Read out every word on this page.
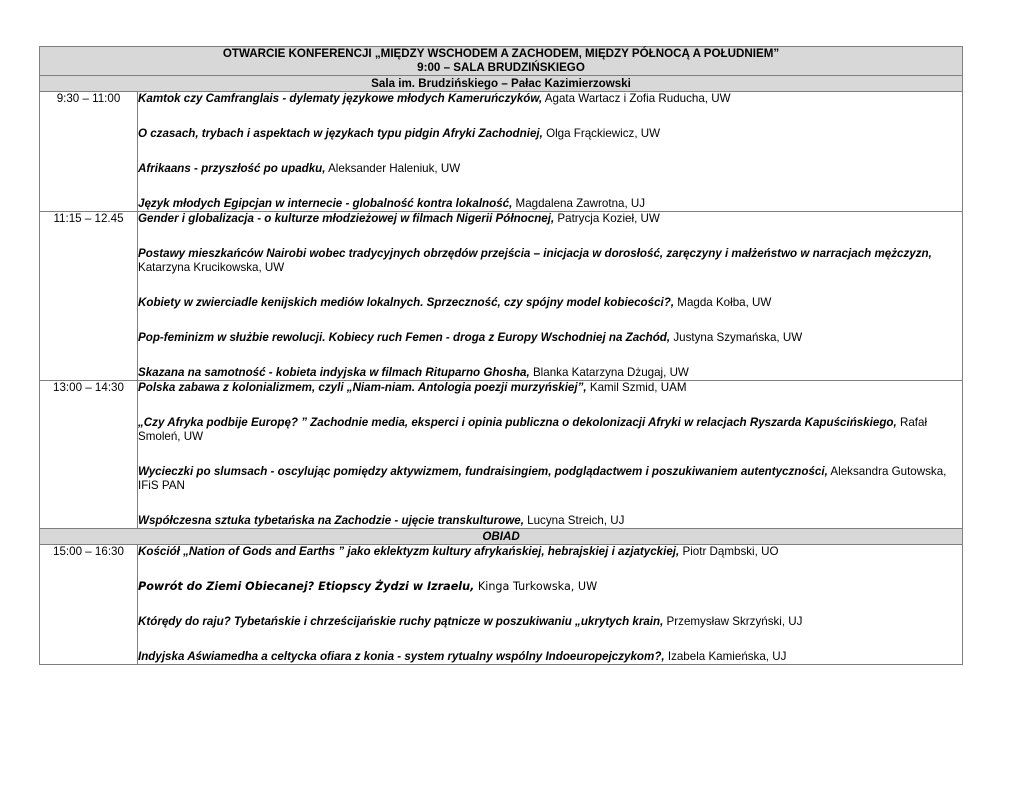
OTWARCIE KONFERENCJI „MIĘDZY WSCHODEM A ZACHODEM, MIĘDZY PÓŁNOCĄ A POŁUDNIEM”
9:00 – SALA BRUDZIŃSKIEGO	

Sala im. Brudzińskiego – Pałac Kazimierzowski	
9:30 – 11:00	Kamtok czy Camfranglais ‑ dylematy językowe młodych Kameruńczyków, Agata Wartacz i Zofia Ruducha, UW

O czasach, trybach i aspektach w językach typu pidgin Afryki Zachodniej, Olga Frąckiewicz, UW

Afrikaans ‑ przyszłość po upadku, Aleksander Haleniuk, UW

Język młodych Egipcjan w internecie ‑ globalność kontra lokalność, Magdalena Zawrotna, UJ

11:15 – 12.45	Gender i globalizacja ‑ o kulturze młodzieżowej w filmach Nigerii Północnej, Patrycja Kozieł, UW

Postawy mieszkańców Nairobi wobec tradycyjnych obrzędów przejścia – inicjacja w dorosłość, zaręczyny i małżeństwo w narracjach mężczyzn, Katarzyna Krucikowska, UW

Kobiety w zwierciadle kenijskich mediów lokalnych. Sprzeczność, czy spójny model kobiecości?, Magda Kołba, UW

Pop-feminizm w służbie rewolucji. Kobiecy ruch Femen ‑ droga z Europy Wschodniej na Zachód, Justyna Szymańska, UW

Skazana na samotność ‑ kobieta indyjska w filmach Rituparno Ghosha, Blanka Katarzyna Dżugaj, UW

13:00 – 14:30	Polska zabawa z kolonializmem, czyli „Niam-niam. Antologia poezji murzyńskiej”, Kamil Szmid, UAM

„Czy Afryka podbije Europę? ” Zachodnie media, eksperci i opinia publiczna o dekolonizacji Afryki w relacjach Ryszarda Kapuścińskiego, Rafał Smoleń, UW

Wycieczki po slumsach ‑ oscylując pomiędzy aktywizmem, fundraisingiem, podglądactwem i poszukiwaniem autentyczności, Aleksandra Gutowska, IFiS PAN

Współczesna sztuka tybetańska na Zachodzie ‑ ujęcie transkulturowe, Lucyna Streich, UJ

OBIAD	
15:00 – 16:30	Kościół „Nation of Gods and Earths ” jako eklektyzm kultury afrykańskiej, hebrajskiej i azjatyckiej, Piotr Dąmbski, UO

Powrót do Ziemi Obiecanej? Etiopscy Żydzi w Izraelu, Kinga Turkowska, UW

Którędy do raju? Tybetańskie i chrześcijańskie ruchy pątnicze w poszukiwaniu „ukrytych krain, Przemysław Skrzyński, UJ

Indyjska Aświamedha a celtycka ofiara z konia ‑ system rytualny wspólny Indoeuropejczykom?, Izabela Kamieńska, UJ
